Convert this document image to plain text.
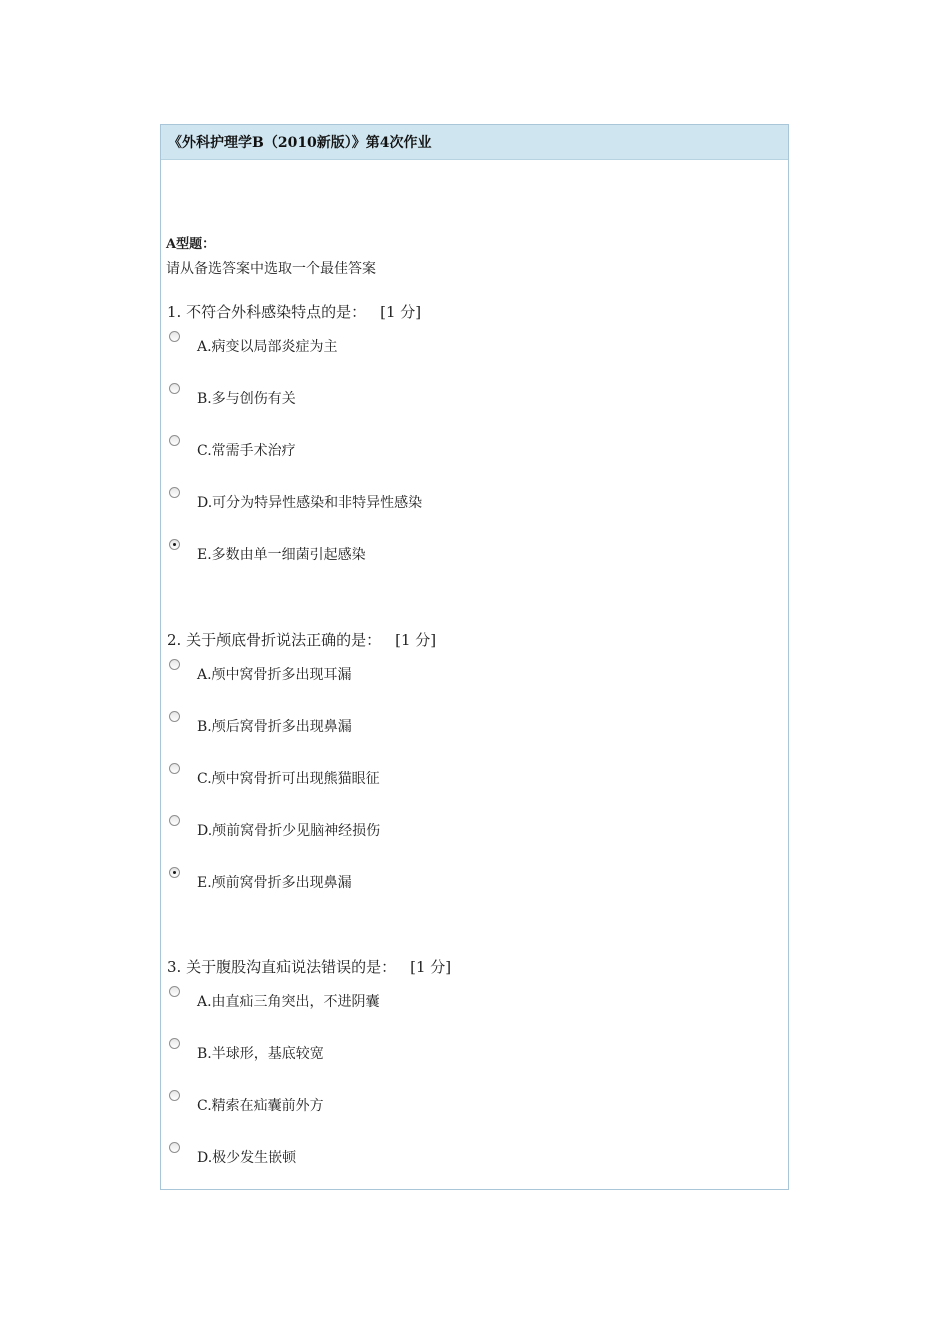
《外科护理学B（2010新版）》第4次作业
A型题：
请从备选答案中选取一个最佳答案
1. 不符合外科感染特点的是： [1 分]
A.病变以局部炎症为主
B.多与创伤有关
C.常需手术治疗
D.可分为特异性感染和非特异性感染
E.多数由单一细菌引起感染
2. 关于颅底骨折说法正确的是： [1 分]
A.颅中窝骨折多出现耳漏
B.颅后窝骨折多出现鼻漏
C.颅中窝骨折可出现熊猫眼征
D.颅前窝骨折少见脑神经损伤
E.颅前窝骨折多出现鼻漏
3. 关于腹股沟直疝说法错误的是： [1 分]
A.由直疝三角突出，不进阴囊
B.半球形，基底较宽
C.精索在疝囊前外方
D.极少发生嵌顿
